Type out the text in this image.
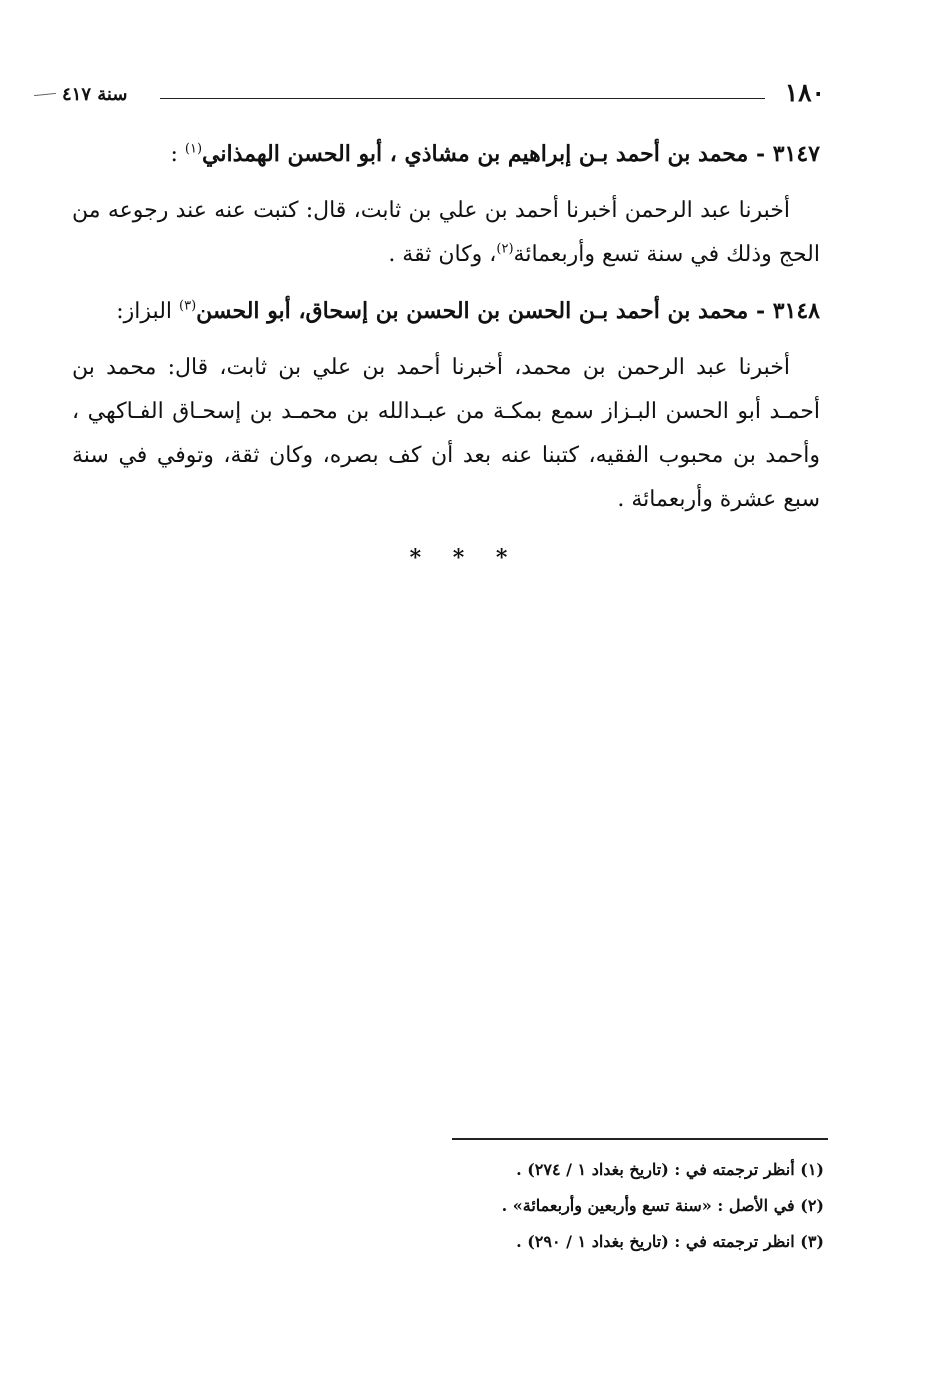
١٨٠
سنة ٤١٧

٣١٤٧ - محمد بن أحمد بـن إبراهيم بن مشاذي ، أبو الحسن الهمذاني$^{(١)}$ :

أخبرنا عبد الرحمن أخبرنا أحمد بن علي بن ثابت، قال: كتبت عنه عند رجوعه من الحج وذلك في سنة تسع وأربعمائة$^{(٢)}$، وكان ثقة .

٣١٤٨ - محمد بن أحمد بـن الحسن بن الحسن بن إسحاق، أبو الحسن$^{(٣)}$ البزاز:

أخبرنا عبد الرحمن بن محمد، أخبرنا أحمد بن علي بن ثابت، قال: محمد بن أحمـد أبو الحسن البـزاز سمع بمكـة من عبـدالله بن محمـد بن إسحـاق الفـاكهي ، وأحمد بن محبوب الفقيه، كتبنا عنه بعد أن كف بصره، وكان ثقة، وتوفي في سنة سبع عشرة وأربعمائة .

* * *
(١) أنظر ترجمته في : (تاريخ بغداد ١ / ٢٧٤) .
(٢) في الأصل : «سنة تسع وأربعين وأربعمائة» .
(٣) انظر ترجمته في : (تاريخ بغداد ١ / ٢٩٠) .
